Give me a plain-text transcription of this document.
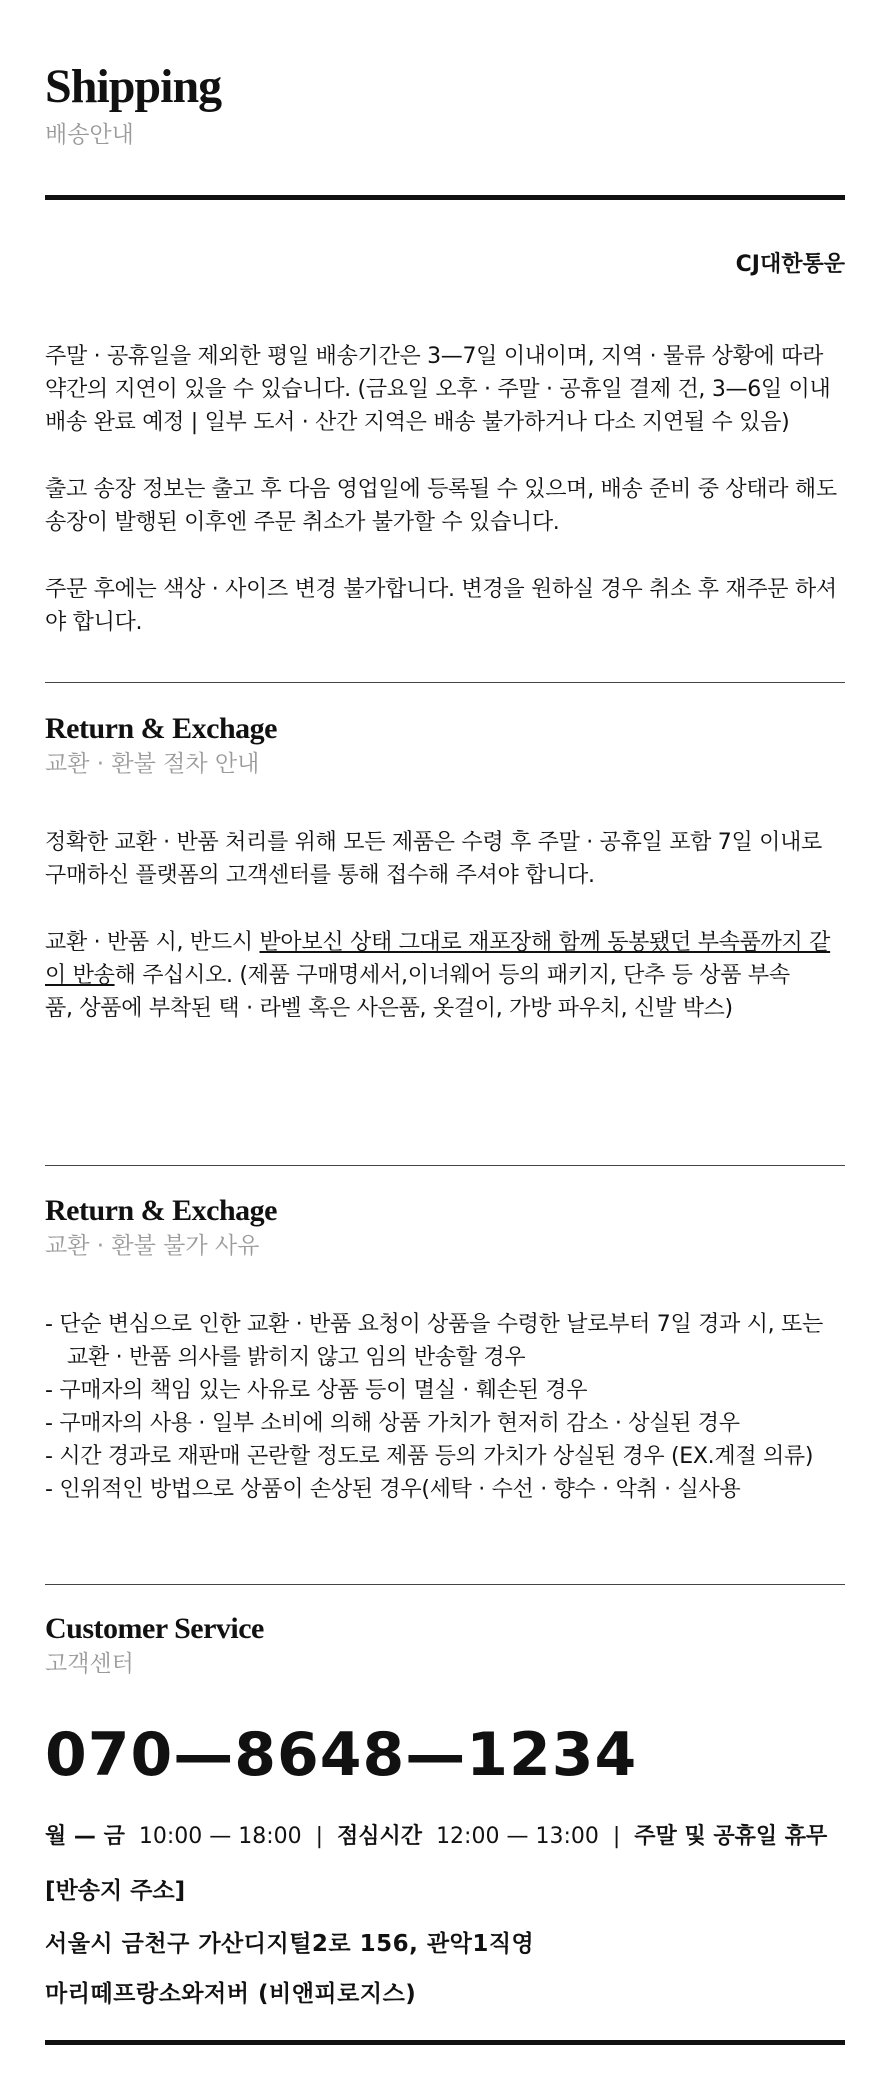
Shipping
배송안내
CJ대한통운

주말 · 공휴일을 제외한 평일 배송기간은 3—7일 이내이며, 지역 · 물류 상황에 따라 약간의 지연이 있을 수 있습니다. (금요일 오후 · 주말 · 공휴일 결제 건, 3—6일 이내 배송 완료 예정 | 일부 도서 · 산간 지역은 배송 불가하거나 다소 지연될 수 있음)

출고 송장 정보는 출고 후 다음 영업일에 등록될 수 있으며, 배송 준비 중 상태라 해도 송장이 발행된 이후엔 주문 취소가 불가할 수 있습니다.

주문 후에는 색상 · 사이즈 변경 불가합니다. 변경을 원하실 경우 취소 후 재주문 하셔야 합니다.

Return & Exchage
교환 · 환불 절차 안내

정확한 교환 · 반품 처리를 위해 모든 제품은 수령 후 주말 · 공휴일 포함 7일 이내로 구매하신 플랫폼의 고객센터를 통해 접수해 주셔야 합니다.

교환 · 반품 시, 반드시 받아보신 상태 그대로 재포장해 함께 동봉됐던 부속품까지 같이 반송해 주십시오. (제품 구매명세서,이너웨어 등의 패키지, 단추 등 상품 부속
품, 상품에 부착된 택 · 라벨 혹은 사은품, 옷걸이, 가방 파우치, 신발 박스)

Return & Exchage
교환 · 환불 불가 사유
- 단순 변심으로 인한 교환 · 반품 요청이 상품을 수령한 날로부터 7일 경과 시, 또는 교환 · 반품 의사를 밝히지 않고 임의 반송할 경우
- 구매자의 책임 있는 사유로 상품 등이 멸실 · 훼손된 경우
- 구매자의 사용 · 일부 소비에 의해 상품 가치가 현저히 감소 · 상실된 경우
- 시간 경과로 재판매 곤란할 정도로 제품 등의 가치가 상실된 경우 (EX.계절 의류)
- 인위적인 방법으로 상품이 손상된 경우(세탁 · 수선 · 향수 · 악취 · 실사용
Customer Service
고객센터
070—8648—1234
월 — 금 10:00 — 18:00 | 점심시간 12:00 — 13:00 | 주말 및 공휴일 휴무
[반송지 주소]
서울시 금천구 가산디지털2로 156, 관악1직영
마리떼프랑소와저버 (비앤피로지스)
